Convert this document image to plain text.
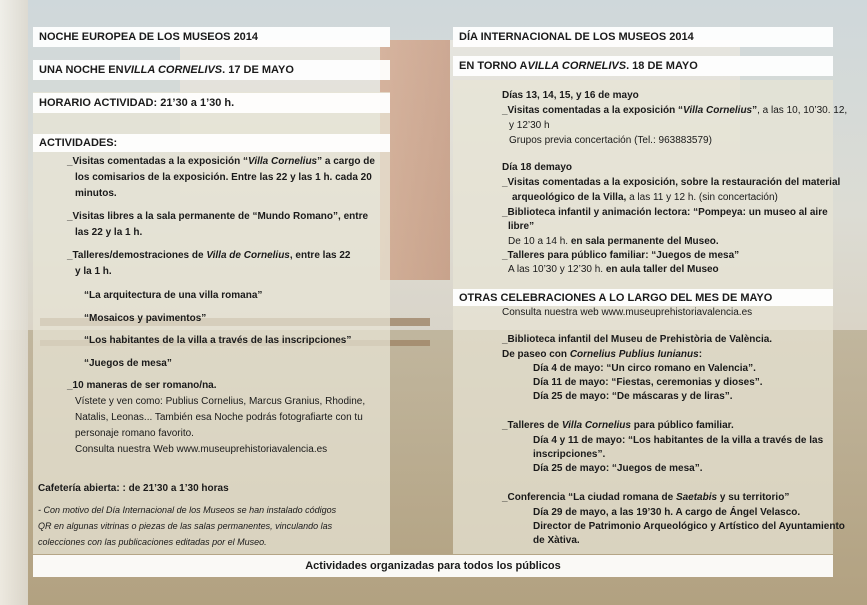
NOCHE EUROPEA DE LOS MUSEOS 2014
UNA NOCHE EN VILLA CORNELIVS . 17 DE MAYO
HORARIO ACTIVIDAD: 21’30 a 1’30 h.
ACTIVIDADES:
_Visitas comentadas a la exposición “Villa Cornelius” a cargo de
los comisarios de la exposición. Entre las 22 y las 1 h. cada 20
minutos.
_Visitas libres a la sala permanente de “Mundo Romano”, entre
las 22 y la 1 h.
_Talleres/demostraciones de Villa de Cornelius, entre las 22
y la 1 h.
“La arquitectura de una villa romana”
“Mosaicos y pavimentos”
“Los habitantes de la villa a través de las inscripciones”
“Juegos de mesa”
_10 maneras de ser romano/na.
Vístete y ven como: Publius Cornelius, Marcus Granius, Rhodine,
Natalis, Leonas... También esa Noche podrás fotografiarte con tu
personaje romano favorito.
Consulta nuestra Web www.museuprehistoriavalencia.es
Cafetería abierta: : de 21’30 a 1’30 horas
- Con motivo del Día Internacional de los Museos se han instalado códigos
QR en algunas vitrinas o piezas de las salas permanentes, vinculando las
colecciones con las publicaciones editadas por el Museo.
DÍA INTERNACIONAL DE LOS MUSEOS 2014
EN TORNO A VILLA CORNELIVS . 18 DE MAYO
Días 13, 14, 15, y 16 de mayo
_Visitas comentadas a la exposición “Villa Cornelius”, a las 10, 10’30. 12,
y 12’30 h
Grupos previa concertación (Tel.: 963883579)
Día 18 demayo
_Visitas comentadas a la exposición, sobre la restauración del material
arqueológico de la Villa, a las 11 y 12 h. (sin concertación)
_Biblioteca infantil y animación lectora: “Pompeya: un museo al aire
libre”
De 10 a 14 h. en sala permanente del Museo.
_Talleres para público familiar: “Juegos de mesa”
A las 10’30 y 12’30 h. en aula taller del Museo
OTRAS CELEBRACIONES A LO LARGO DEL MES DE MAYO
Consulta nuestra web www.museuprehistoriavalencia.es
_Biblioteca infantil del Museu de Prehistòria de València.
De paseo con Cornelius Publius Iunianus:
Día 4 de mayo: “Un circo romano en Valencia”.
Día 11 de mayo: “Fiestas, ceremonias y dioses”.
Día 25 de mayo: “De máscaras y de liras”.
_Talleres de Villa Cornelius para público familiar.
Día 4 y 11 de mayo: “Los habitantes de la villa a través de las
inscripciones”.
Día 25 de mayo: “Juegos de mesa”.
_Conferencia “La ciudad romana de Saetabis y su territorio”
Día 29 de mayo, a las 19’30 h. A cargo de Ángel Velasco.
Director de Patrimonio Arqueológico y Artístico del Ayuntamiento
de Xàtiva.
Actividades organizadas para todos los públicos
